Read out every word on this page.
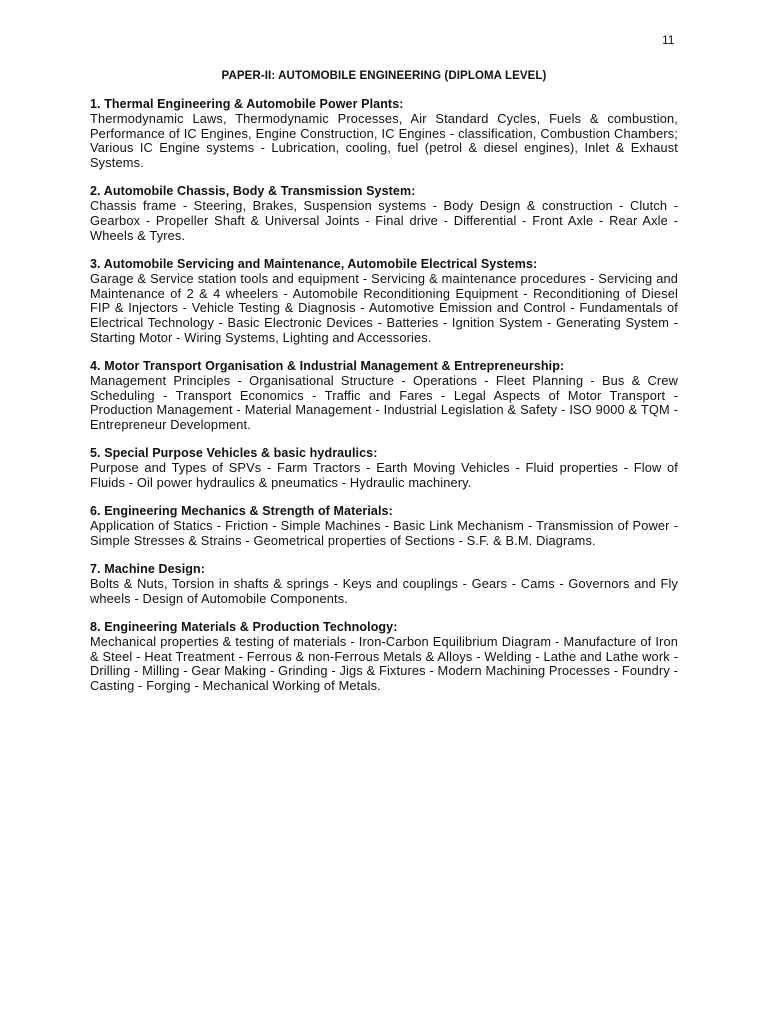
11
PAPER-II: AUTOMOBILE ENGINEERING (DIPLOMA LEVEL)
1. Thermal Engineering & Automobile Power Plants:
Thermodynamic Laws, Thermodynamic Processes, Air Standard Cycles, Fuels & combustion, Performance of IC Engines, Engine Construction, IC Engines - classification, Combustion Chambers; Various IC Engine systems - Lubrication, cooling, fuel (petrol & diesel engines), Inlet & Exhaust Systems.
2. Automobile Chassis, Body & Transmission System:
Chassis frame - Steering, Brakes, Suspension systems - Body Design & construction - Clutch - Gearbox - Propeller Shaft & Universal Joints - Final drive - Differential - Front Axle - Rear Axle - Wheels & Tyres.
3. Automobile Servicing and Maintenance, Automobile Electrical Systems:
Garage & Service station tools and equipment - Servicing & maintenance procedures - Servicing and Maintenance of 2 & 4 wheelers - Automobile Reconditioning Equipment - Reconditioning of Diesel FIP & Injectors - Vehicle Testing & Diagnosis - Automotive Emission and Control - Fundamentals of Electrical Technology - Basic Electronic Devices - Batteries - Ignition System - Generating System - Starting Motor - Wiring Systems, Lighting and Accessories.
4. Motor Transport Organisation & Industrial Management & Entrepreneurship:
Management Principles - Organisational Structure - Operations - Fleet Planning - Bus & Crew Scheduling - Transport Economics - Traffic and Fares - Legal Aspects of Motor Transport - Production Management - Material Management - Industrial Legislation & Safety - ISO 9000 & TQM - Entrepreneur Development.
5. Special Purpose Vehicles & basic hydraulics:
Purpose and Types of SPVs - Farm Tractors - Earth Moving Vehicles - Fluid properties - Flow of Fluids - Oil power hydraulics & pneumatics - Hydraulic machinery.
6. Engineering Mechanics & Strength of Materials:
Application of Statics - Friction - Simple Machines - Basic Link Mechanism - Transmission of Power - Simple Stresses & Strains - Geometrical properties of Sections - S.F. & B.M. Diagrams.
7. Machine Design:
Bolts & Nuts, Torsion in shafts & springs - Keys and couplings - Gears - Cams - Governors and Fly wheels - Design of Automobile Components.
8. Engineering Materials & Production Technology:
Mechanical properties & testing of materials - Iron-Carbon Equilibrium Diagram - Manufacture of Iron & Steel - Heat Treatment - Ferrous & non-Ferrous Metals & Alloys - Welding - Lathe and Lathe work - Drilling - Milling - Gear Making - Grinding - Jigs & Fixtures - Modern Machining Processes - Foundry - Casting - Forging - Mechanical Working of Metals.
